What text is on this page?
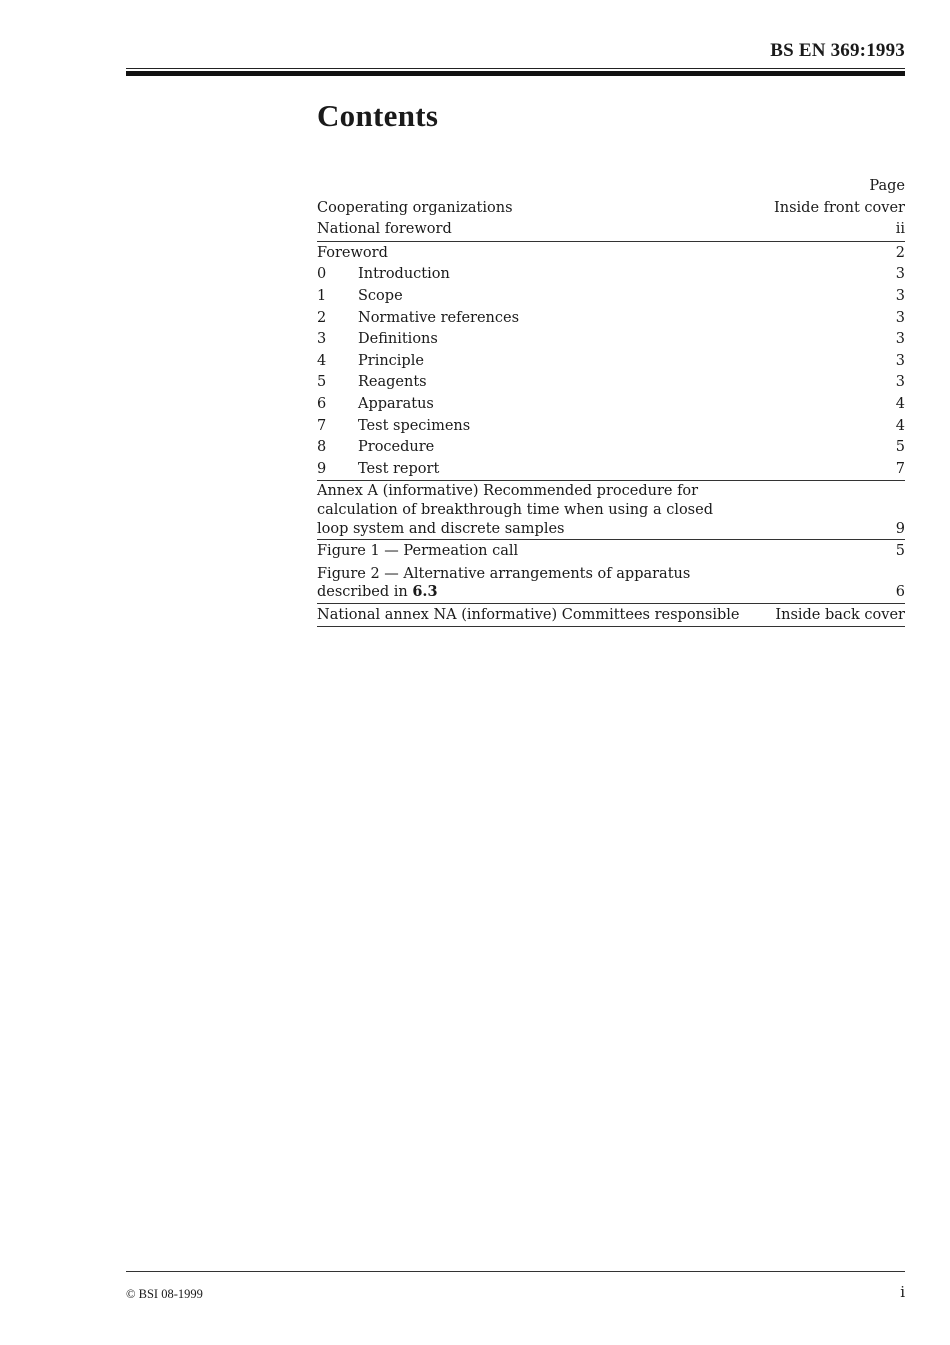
BS EN 369:1993
Contents
Page
Cooperating organizations	Inside front cover
National foreword	ii
Foreword	2
0 Introduction	3
1 Scope	3
2 Normative references	3
3 Definitions	3
4 Principle	3
5 Reagents	3
6 Apparatus	4
7 Test specimens	4
8 Procedure	5
9 Test report	7
Annex A (informative) Recommended procedure for
calculation of breakthrough time when using a closed
loop system and discrete samples	9
Figure 1 — Permeation call	5
Figure 2 — Alternative arrangements of apparatus
described in 6.3	6
National annex NA (informative) Committees responsible	Inside back cover
© BSI 08-1999	i
